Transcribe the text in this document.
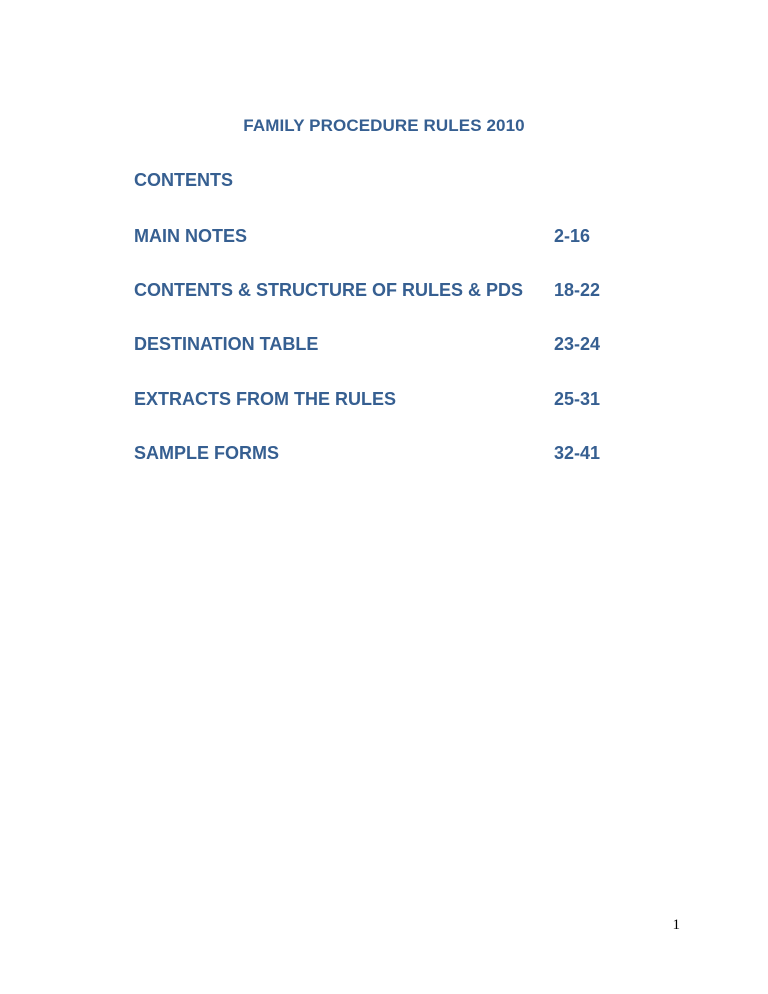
FAMILY PROCEDURE RULES 2010
CONTENTS
MAIN NOTES	2-16
CONTENTS & STRUCTURE OF RULES & PDS 18-22
DESTINATION TABLE	23-24
EXTRACTS FROM THE RULES	25-31
SAMPLE FORMS	32-41
1
